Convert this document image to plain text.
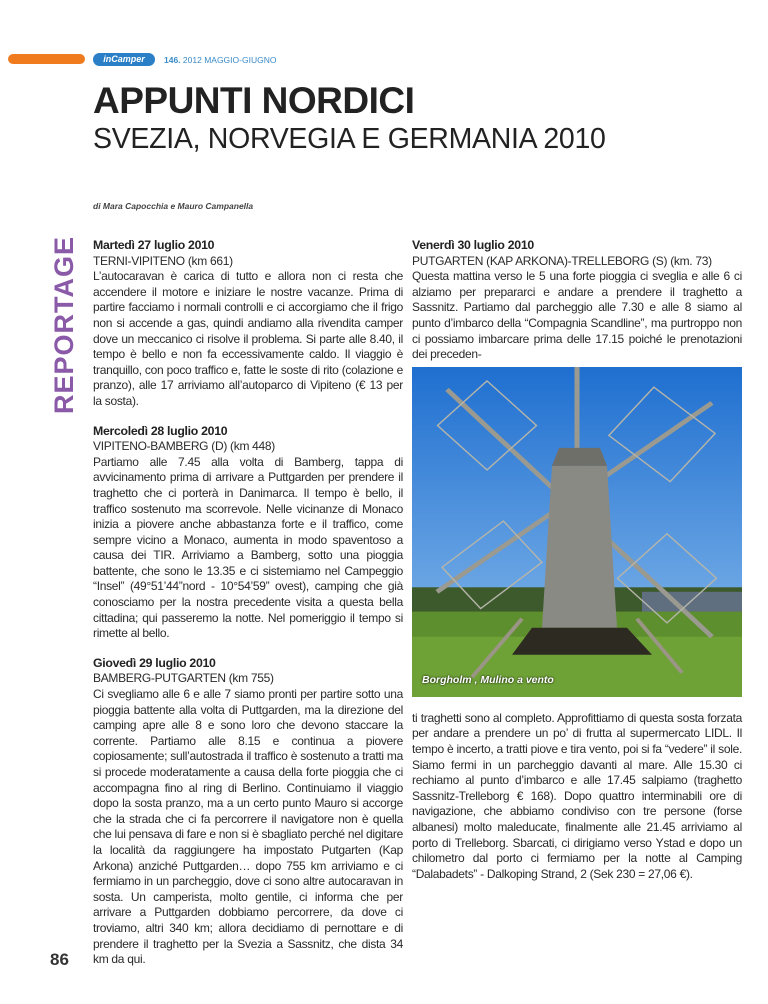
inCamper	146. 2012 MAGGIO-GIUGNO
APPUNTI NORDICI
SVEZIA, NORVEGIA E GERMANIA 2010
di Mara Capocchia e Mauro Campanella
REPORTAGE
86
Martedì 27 luglio 2010

TERNI-VIPITENO (km 661)

L’autocaravan è carica di tutto e allora non ci resta che accendere il motore e iniziare le nostre vacanze. Prima di partire facciamo i normali controlli e ci accorgiamo che il frigo non si accende a gas, quindi andiamo alla rivendita camper dove un meccanico ci risolve il problema. Si parte alle 8.40, il tempo è bello e non fa eccessivamente caldo. Il viaggio è tranquillo, con poco traffico e, fatte le soste di rito (colazione e pranzo), alle 17 arriviamo all’autoparco di Vipiteno (€ 13 per la sosta).

Mercoledì 28 luglio 2010

VIPITENO-BAMBERG (D) (km 448)

Partiamo alle 7.45 alla volta di Bamberg, tappa di avvicinamento prima di arrivare a Puttgarden per prendere il traghetto che ci porterà in Danimarca. Il tempo è bello, il traffico sostenuto ma scorrevole. Nelle vicinanze di Monaco inizia a piovere anche abbastanza forte e il traffico, come sempre vicino a Monaco, aumenta in modo spaventoso a causa dei TIR. Arriviamo a Bamberg, sotto una pioggia battente, che sono le 13.35 e ci sistemiamo nel Campeggio “Insel” (49°51’44”nord - 10°54’59” ovest), camping che già conosciamo per la nostra precedente visita a questa bella cittadina; qui passeremo la notte. Nel pomeriggio il tempo si rimette al bello.

Giovedì 29 luglio 2010

BAMBERG-PUTGARTEN (km 755)

Ci svegliamo alle 6 e alle 7 siamo pronti per partire sotto una pioggia battente alla volta di Puttgarden, ma la direzione del camping apre alle 8 e sono loro che devono staccare la corrente. Partiamo alle 8.15 e continua a piovere copiosamente; sull’autostrada il traffico è sostenuto a tratti ma si procede moderatamente a causa della forte pioggia che ci accompagna fino al ring di Berlino. Continuiamo il viaggio dopo la sosta pranzo, ma a un certo punto Mauro si accorge che la strada che ci fa percorrere il navigatore non è quella che lui pensava di fare e non si è sbagliato perché nel digitare la località da raggiungere ha impostato Putgarten (Kap Arkona) anziché Puttgarden… dopo 755 km arriviamo e ci fermiamo in un parcheggio, dove ci sono altre autocaravan in sosta. Un camperista, molto gentile, ci informa che per arrivare a Puttgarden dobbiamo percorrere, da dove ci troviamo, altri 340 km; allora decidiamo di pernottare e di prendere il traghetto per la Svezia a Sassnitz, che dista 34 km da qui.

Venerdì 30 luglio 2010

PUTGARTEN (KAP ARKONA)-TRELLEBORG (S) (km. 73)

Questa mattina verso le 5 una forte pioggia ci sveglia e alle 6 ci alziamo per prepararci e andare a prendere il traghetto a Sassnitz. Partiamo dal parcheggio alle 7.30 e alle 8 siamo al punto d’imbarco della “Compagnia Scandline”, ma purtroppo non ci possiamo imbarcare prima delle 17.15 poiché le prenotazioni dei preceden-

Borgholm , Mulino a vento

ti traghetti sono al completo. Approfittiamo di questa sosta forzata per andare a prendere un po’ di frutta al supermercato LIDL. Il tempo è incerto, a tratti piove e tira vento, poi si fa “vedere” il sole. Siamo fermi in un parcheggio davanti al mare. Alle 15.30 ci rechiamo al punto d’imbarco e alle 17.45 salpiamo (traghetto Sassnitz-Trelleborg € 168). Dopo quattro interminabili ore di navigazione, che abbiamo condiviso con tre persone (forse albanesi) molto maleducate, finalmente alle 21.45 arriviamo al porto di Trelleborg. Sbarcati, ci dirigiamo verso Ystad e dopo un chilometro dal porto ci fermiamo per la notte al Camping “Dalabadets” - Dalkoping Strand, 2 (Sek 230 = 27,06 €).
